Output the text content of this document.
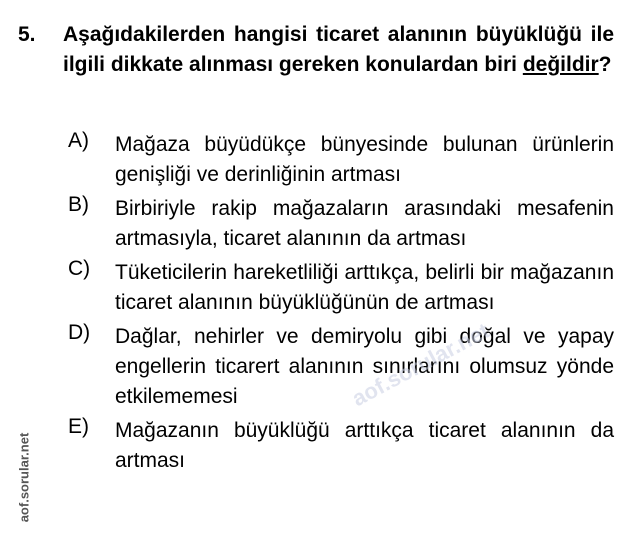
5. Aşağıdakilerden hangisi ticaret alanının büyüklüğü ile ilgili dikkate alınması gereken konulardan biri değildir?
A)	Mağaza büyüdükçe bünyesinde bulunan ürünlerin genişliği ve derinliğinin artması
B)	Birbiriyle rakip mağazaların arasındaki mesafenin artmasıyla, ticaret alanının da artması
C)	Tüketicilerin hareketliliği arttıkça, belirli bir mağazanın ticaret alanının büyüklüğünün de artması
D)	Dağlar, nehirler ve demiryolu gibi doğal ve yapay engellerin ticarert alanının sınırlarını olumsuz yönde etkilememesi
E)	Mağazanın büyüklüğü arttıkça ticaret alanının da artması
aof.sorular.net
aof.sorular.net
